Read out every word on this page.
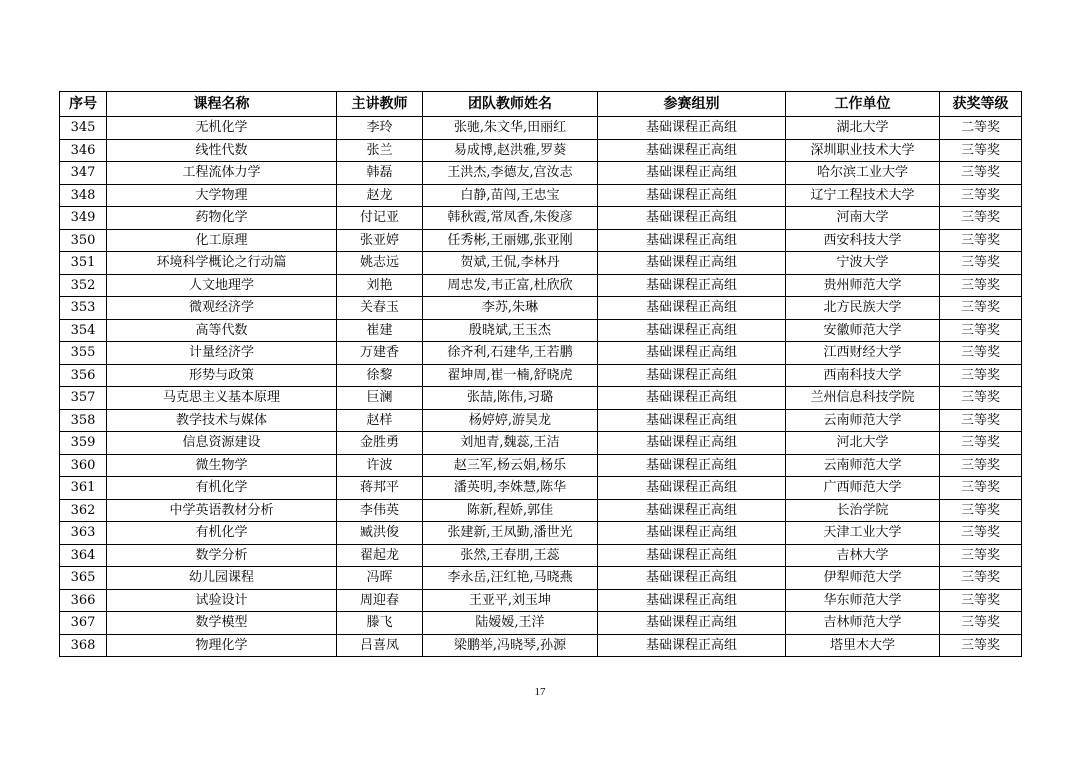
序号	课程名称	主讲教师	团队教师姓名	参赛组别	工作单位	获奖等级
345	无机化学	李玲	张驰,朱文华,田丽红	基础课程正高组	湖北大学	二等奖
346	线性代数	张兰	易成博,赵洪雅,罗葵	基础课程正高组	深圳职业技术大学	三等奖
347	工程流体力学	韩磊	王洪杰,李德友,宫汝志	基础课程正高组	哈尔滨工业大学	三等奖
348	大学物理	赵龙	白静,苗闯,王忠宝	基础课程正高组	辽宁工程技术大学	三等奖
349	药物化学	付记亚	韩秋霞,常凤香,朱俊彦	基础课程正高组	河南大学	三等奖
350	化工原理	张亚婷	任秀彬,王丽娜,张亚刚	基础课程正高组	西安科技大学	三等奖
351	环境科学概论之行动篇	姚志远	贺斌,王侃,李林丹	基础课程正高组	宁波大学	三等奖
352	人文地理学	刘艳	周忠发,韦正富,杜欣欣	基础课程正高组	贵州师范大学	三等奖
353	微观经济学	关春玉	李苏,朱琳	基础课程正高组	北方民族大学	三等奖
354	高等代数	崔建	殷晓斌,王玉杰	基础课程正高组	安徽师范大学	三等奖
355	计量经济学	万建香	徐齐利,石建华,王若鹏	基础课程正高组	江西财经大学	三等奖
356	形势与政策	徐黎	翟坤周,崔一楠,舒晓虎	基础课程正高组	西南科技大学	三等奖
357	马克思主义基本原理	巨澜	张喆,陈伟,习璐	基础课程正高组	兰州信息科技学院	三等奖
358	教学技术与媒体	赵样	杨婷婷,游昊龙	基础课程正高组	云南师范大学	三等奖
359	信息资源建设	金胜勇	刘旭青,魏蕊,王洁	基础课程正高组	河北大学	三等奖
360	微生物学	许波	赵三军,杨云娟,杨乐	基础课程正高组	云南师范大学	三等奖
361	有机化学	蒋邦平	潘英明,李姝慧,陈华	基础课程正高组	广西师范大学	三等奖
362	中学英语教材分析	李伟英	陈新,程娇,郭佳	基础课程正高组	长治学院	三等奖
363	有机化学	臧洪俊	张建新,王凤勤,潘世光	基础课程正高组	天津工业大学	三等奖
364	数学分析	翟起龙	张然,王春朋,王蕊	基础课程正高组	吉林大学	三等奖
365	幼儿园课程	冯晖	李永岳,汪红艳,马晓燕	基础课程正高组	伊犁师范大学	三等奖
366	试验设计	周迎春	王亚平,刘玉坤	基础课程正高组	华东师范大学	三等奖
367	数学模型	滕飞	陆嫒嫒,王洋	基础课程正高组	吉林师范大学	三等奖
368	物理化学	吕喜凤	梁鹏举,冯晓琴,孙源	基础课程正高组	塔里木大学	三等奖
17
